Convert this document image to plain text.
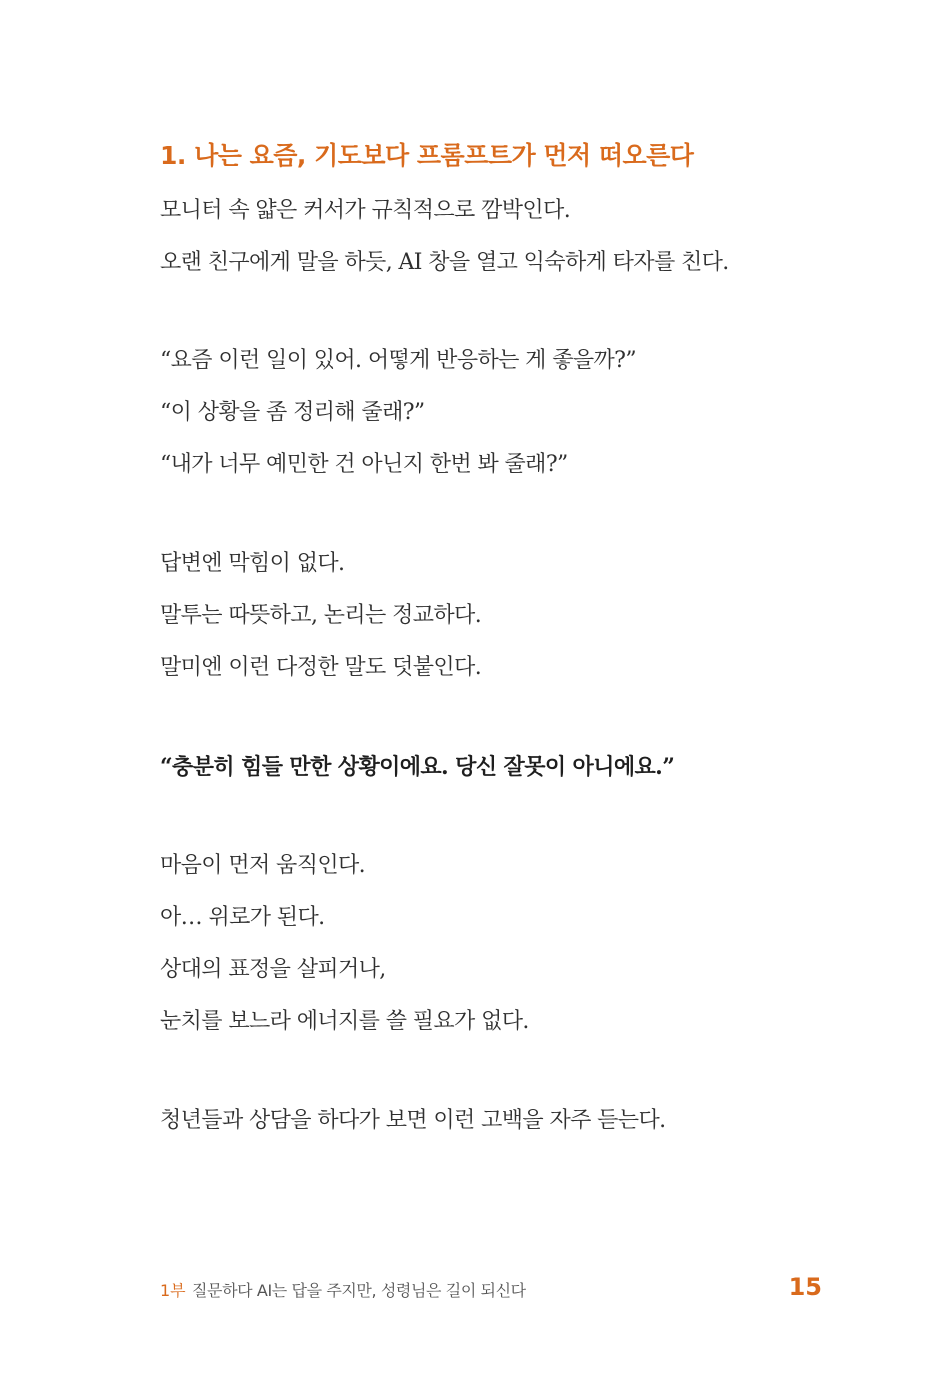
1. 나는 요즘, 기도보다 프롬프트가 먼저 떠오른다
모니터 속 얇은 커서가 규칙적으로 깜박인다.
오랜 친구에게 말을 하듯, AI 창을 열고 익숙하게 타자를 친다.
“요즘 이런 일이 있어. 어떻게 반응하는 게 좋을까?”
“이 상황을 좀 정리해 줄래?”
“내가 너무 예민한 건 아닌지 한번 봐 줄래?”
답변엔 막힘이 없다.
말투는 따뜻하고, 논리는 정교하다.
말미엔 이런 다정한 말도 덧붙인다.
“충분히 힘들 만한 상황이에요. 당신 잘못이 아니에요.”
마음이 먼저 움직인다.
아… 위로가 된다.
상대의 표정을 살피거나,
눈치를 보느라 에너지를 쓸 필요가 없다.
청년들과 상담을 하다가 보면 이런 고백을 자주 듣는다.
1부 질문하다 AI는 답을 주지만, 성령님은 길이 되신다	15
